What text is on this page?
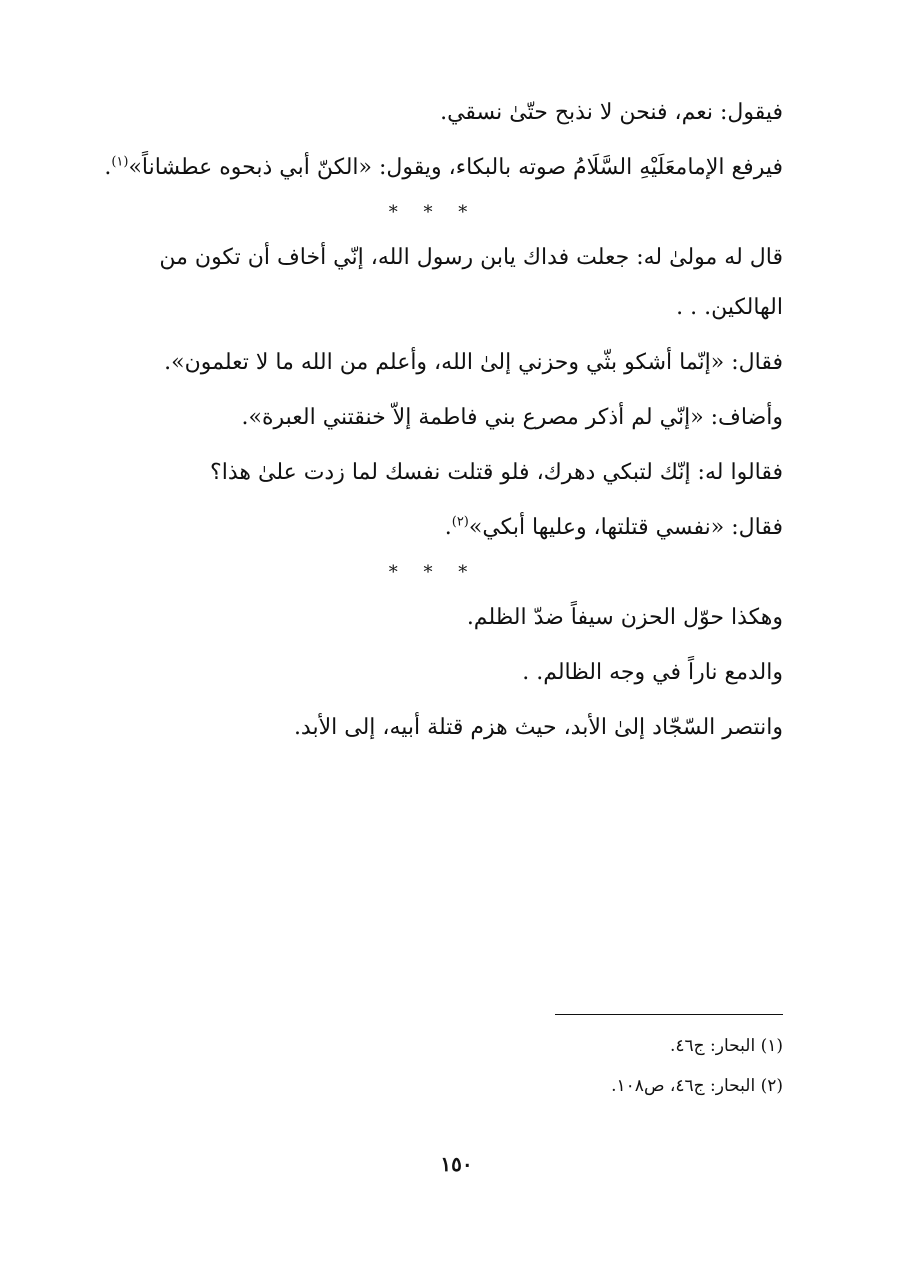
فيقول: نعم، فنحن لا نذبح حتّىٰ نسقي.

فيرفع الإمامعَلَيْهِ السَّلَامُ صوته بالبكاء، ويقول: «الكنّ أبي ذبحوه عطشاناً»$^{(١)}$.

* * *

قال له مولىٰ له: جعلت فداك يابن رسول الله، إنّي أخاف أن تكون من الهالكين. . .

فقال: «إنّما أشكو بثّي وحزني إلىٰ الله، وأعلم من الله ما لا تعلمون».

وأضاف: «إنّي لم أذكر مصرع بني فاطمة إلاّ خنقتني العبرة».

فقالوا له: إنّك لتبكي دهرك، فلو قتلت نفسك لما زدت علىٰ هذا؟

فقال: «نفسي قتلتها، وعليها أبكي»$^{(٢)}$.

* * *

وهكذا حوّل الحزن سيفاً ضدّ الظلم.

والدمع ناراً في وجه الظالم. .

وانتصر السّجّاد إلىٰ الأبد، حيث هزم قتلة أبيه، إلى الأبد.

(١) البحار: ج٤٦.
(٢) البحار: ج٤٦، ص١٠٨.
١٥٠
